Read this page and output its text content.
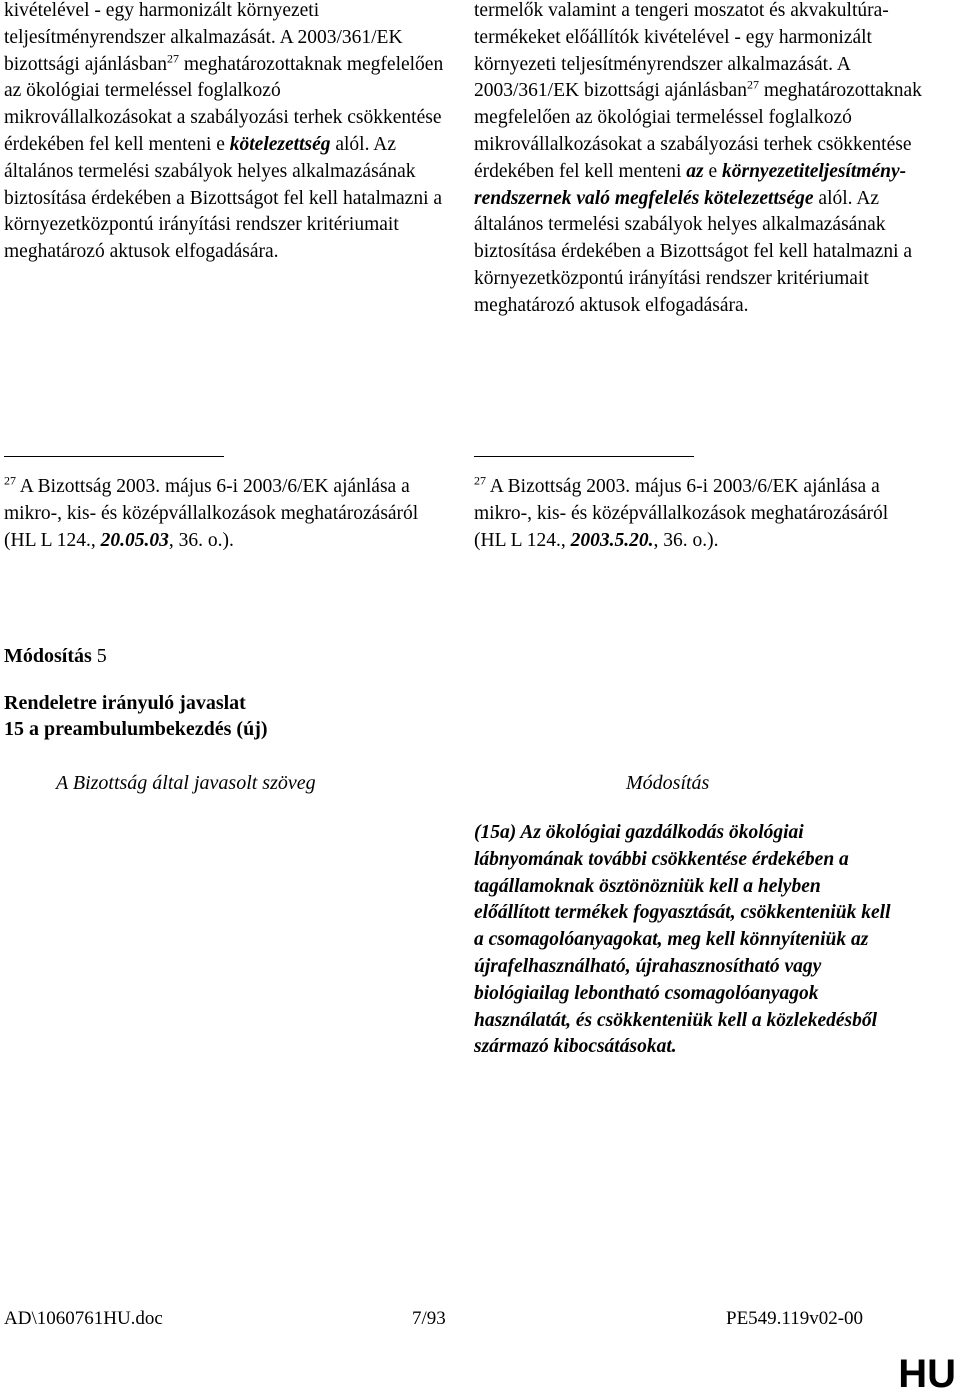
kivételével - egy harmonizált környezeti teljesítményrendszer alkalmazását. A 2003/361/EK bizottsági ajánlásban$^{27}$ meghatározottaknak megfelelően az ökológiai termeléssel foglalkozó mikrovállalkozásokat a szabályozási terhek csökkentése érdekében fel kell menteni e kötelezettség alól. Az általános termelési szabályok helyes alkalmazásának biztosítása érdekében a Bizottságot fel kell hatalmazni a környezetközpontú irányítási rendszer kritériumait meghatározó aktusok elfogadására.

$^{27}$ A Bizottság 2003. május 6-i 2003/6/EK ajánlása a mikro-, kis- és középvállalkozások meghatározásáról (HL L 124., 20.05.03, 36. o.).

termelők valamint a tengeri moszatot és akvakultúra-termékeket előállítók kivételével - egy harmonizált környezeti teljesítményrendszer alkalmazását. A 2003/361/EK bizottsági ajánlásban$^{27}$ meghatározottaknak megfelelően az ökológiai termeléssel foglalkozó mikrovállalkozásokat a szabályozási terhek csökkentése érdekében fel kell menteni az e környezetiteljesítmény-rendszernek való megfelelés kötelezettsége alól. Az általános termelési szabályok helyes alkalmazásának biztosítása érdekében a Bizottságot fel kell hatalmazni a környezetközpontú irányítási rendszer kritériumait meghatározó aktusok elfogadására.

$^{27}$ A Bizottság 2003. május 6-i 2003/6/EK ajánlása a mikro-, kis- és középvállalkozások meghatározásáról (HL L 124., 2003.5.20., 36. o.).
Módosítás 5
Rendeletre irányuló javaslat
15 a preambulumbekezdés (új)
A Bizottság által javasolt szöveg	Módosítás
(15a) Az ökológiai gazdálkodás ökológiai lábnyomának további csökkentése érdekében a tagállamoknak ösztönözniük kell a helyben előállított termékek fogyasztását, csökkenteniük kell a csomagolóanyagokat, meg kell könnyíteniük az újrafelhasználható, újrahasznosítható vagy biológiailag lebontható csomagolóanyagok használatát, és csökkenteniük kell a közlekedésből származó kibocsátásokat.
AD\1060761HU.doc	7/93	PE549.119v02-00
HU
